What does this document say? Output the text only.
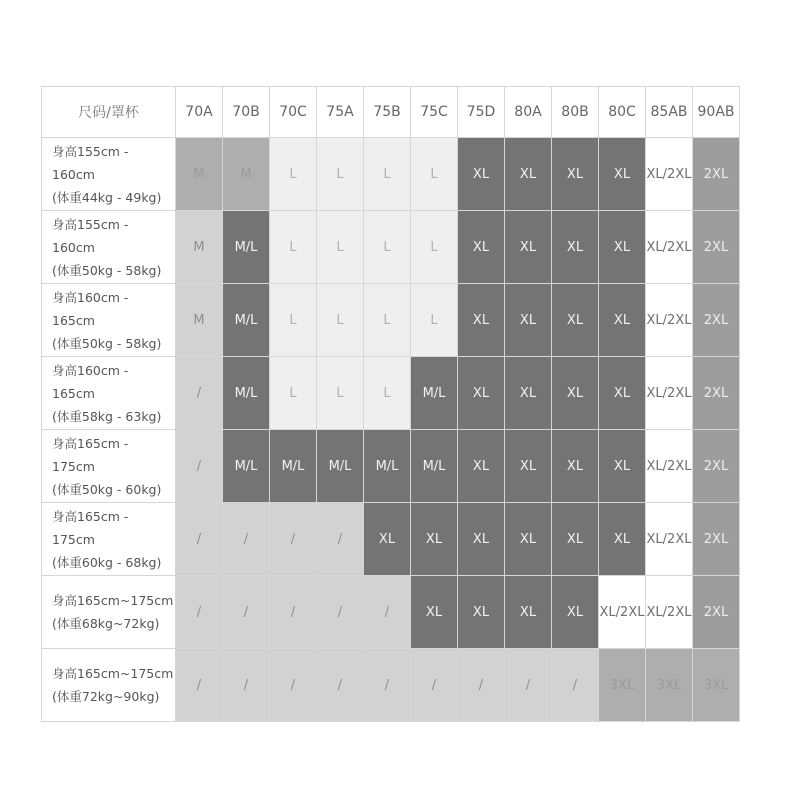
尺码/罩杯	70A	70B	70C	75A	75B	75C	75D	80A	80B	80C	85AB	90AB

身高155cm - 160cm
(体重44kg - 49kg)	M	M	L	L	L	L	XL	XL	XL	XL	XL/2XL	2XL

身高155cm - 160cm
(体重50kg - 58kg)	M	M/L	L	L	L	L	XL	XL	XL	XL	XL/2XL	2XL

身高160cm - 165cm
(体重50kg - 58kg)	M	M/L	L	L	L	L	XL	XL	XL	XL	XL/2XL	2XL

身高160cm - 165cm
(体重58kg - 63kg)	/	M/L	L	L	L	M/L	XL	XL	XL	XL	XL/2XL	2XL

身高165cm - 175cm
(体重50kg - 60kg)	/	M/L	M/L	M/L	M/L	M/L	XL	XL	XL	XL	XL/2XL	2XL

身高165cm - 175cm
(体重60kg - 68kg)	/	/	/	/	XL	XL	XL	XL	XL	XL	XL/2XL	2XL

身高165cm~175cm
(体重68kg~72kg)	/	/	/	/	/	XL	XL	XL	XL	XL/2XL	XL/2XL	2XL

身高165cm~175cm
(体重72kg~90kg)	/	/	/	/	/	/	/	/	/	3XL	3XL	3XL
